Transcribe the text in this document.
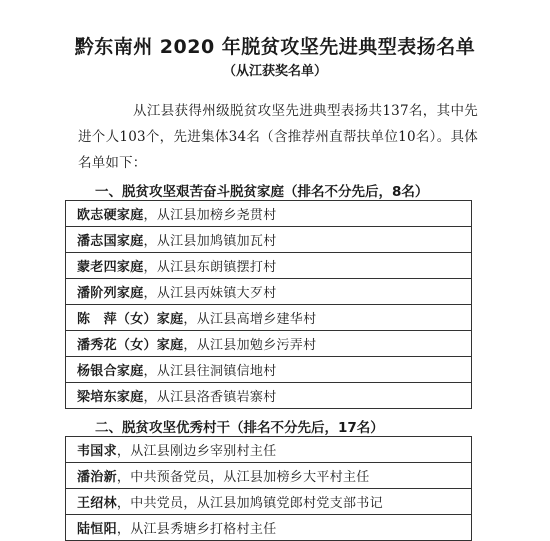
黔东南州 2020 年脱贫攻坚先进典型表扬名单
（从江获奖名单）
从江县获得州级脱贫攻坚先进典型表扬共137名，其中先进个人103个，先进集体34名（含推荐州直帮扶单位10名）。具体名单如下：
一、脱贫攻坚艰苦奋斗脱贫家庭（排名不分先后，8名）
欧志硬家庭 ，从江县加榜乡尧贯村
潘志国家庭 ，从江县加鸠镇加瓦村
蒙老四家庭 ，从江县东朗镇摆打村
潘阶列家庭 ，从江县丙妹镇大歹村
陈　萍（女）家庭 ，从江县高增乡建华村
潘秀花（女）家庭 ，从江县加勉乡污弄村
杨银合家庭 ，从江县往洞镇信地村
梁培东家庭 ，从江县洛香镇岩寨村
二、脱贫攻坚优秀村干（排名不分先后，17名）
韦国求 ，从江县刚边乡宰别村主任
潘治新 ，中共预备党员，从江县加榜乡大平村主任
王绍林 ，中共党员，从江县加鸠镇党郎村党支部书记
陆恒阳 ，从江县秀塘乡打格村主任
